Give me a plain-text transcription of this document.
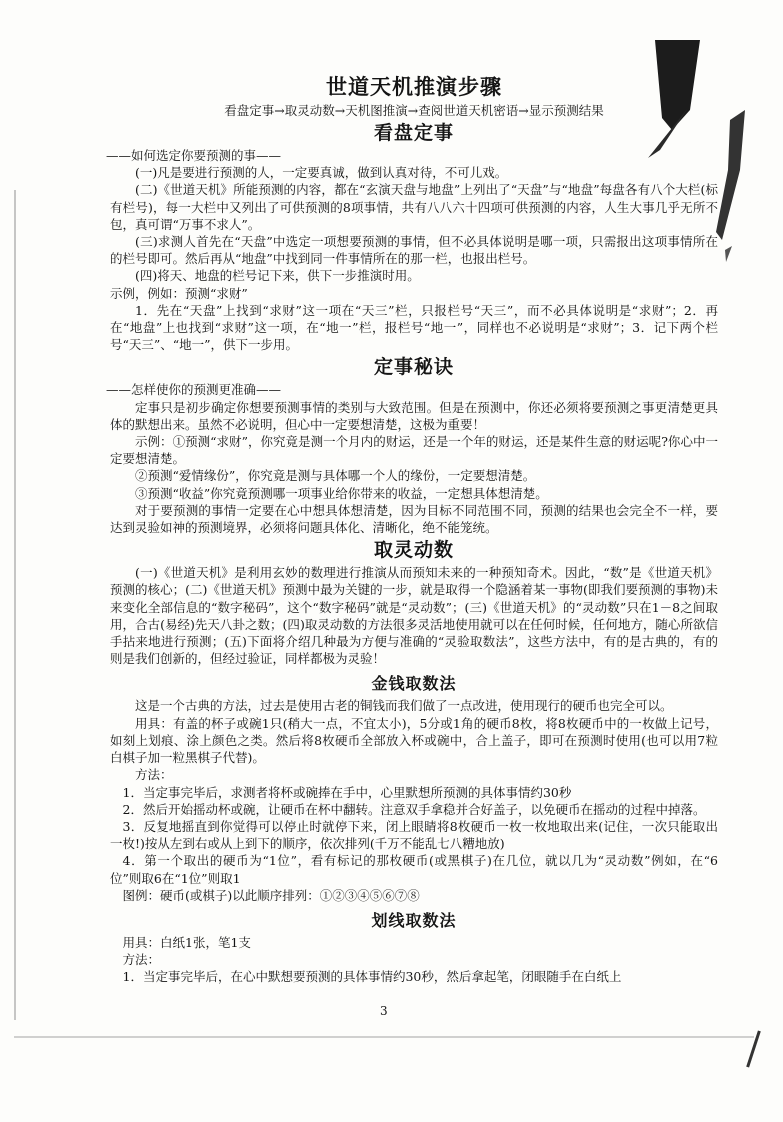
世道天机推演步骤
看盘定事→取灵动数→天机图推演→查阅世道天机密语→显示预测结果
看盘定事

——如何选定你要预测的事——

(一)凡是要进行预测的人，一定要真诚，做到认真对待，不可儿戏。

(二)《世道天机》所能预测的内容，都在“玄演天盘与地盘”上列出了“天盘”与“地盘”每盘各有八个大栏(标有栏号)，每一大栏中又列出了可供预测的8项事情，共有八八六十四项可供预测的内容，人生大事几乎无所不包，真可谓“万事不求人”。

(三)求测人首先在“天盘”中选定一项想要预测的事情，但不必具体说明是哪一项，只需报出这项事情所在的栏号即可。然后再从“地盘”中找到同一件事情所在的那一栏，也报出栏号。

(四)将天、地盘的栏号记下来，供下一步推演时用。

示例，例如：预测“求财”

1．先在“天盘”上找到“求财”这一项在“天三”栏，只报栏号“天三”，而不必具体说明是“求财”；2．再在“地盘”上也找到“求财”这一项，在“地一”栏，报栏号“地一”，同样也不必说明是“求财”；3．记下两个栏号“天三”、“地一”，供下一步用。

定事秘诀

——怎样使你的预测更准确——

定事只是初步确定你想要预测事情的类别与大致范围。但是在预测中，你还必须将要预测之事更清楚更具体的默想出来。虽然不必说明，但心中一定要想清楚，这极为重要！

示例：①预测“求财”，你究竟是测一个月内的财运，还是一个年的财运，还是某件生意的财运呢?你心中一定要想清楚。

②预测“爱情缘份”，你究竟是测与具体哪一个人的缘份，一定要想清楚。

③预测“收益”你究竟预测哪一项事业给你带来的收益，一定想具体想清楚。

对于要预测的事情一定要在心中想具体想清楚，因为目标不同范围不同，预测的结果也会完全不一样，要达到灵验如神的预测境界，必须将问题具体化、清晰化，绝不能笼统。

取灵动数

(一)《世道天机》是利用玄妙的数理进行推演从而预知未来的一种预知奇术。因此，“数”是《世道天机》预测的核心；(二)《世道天机》预测中最为关键的一步，就是取得一个隐涵着某一事物(即我们要预测的事物)未来变化全部信息的“数字秘码”，这个“数字秘码”就是“灵动数”；(三)《世道天机》的“灵动数”只在1－8之间取用，合古(易经)先天八卦之数；(四)取灵动数的方法很多灵活地使用就可以在任何时候，任何地方，随心所欲信手拈来地进行预测；(五)下面将介绍几种最为方便与准确的“灵验取数法”，这些方法中，有的是古典的，有的则是我们创新的，但经过验证，同样都极为灵验！

金钱取数法

这是一个古典的方法，过去是使用古老的铜钱而我们做了一点改进，使用现行的硬币也完全可以。

用具：有盖的杯子或碗1只(稍大一点，不宜太小)，5分或1角的硬币8枚，将8枚硬币中的一枚做上记号，如刻上划痕、涂上颜色之类。然后将8枚硬币全部放入杯或碗中，合上盖子，即可在预测时使用(也可以用7粒白棋子加一粒黑棋子代替)。

方法：

1．当定事完毕后，求测者将杯或碗捧在手中，心里默想所预测的具体事情约30秒

2．然后开始摇动杯或碗，让硬币在杯中翻转。注意双手拿稳并合好盖子，以免硬币在摇动的过程中掉落。

3．反复地摇直到你觉得可以停止时就停下来，闭上眼睛将8枚硬币一枚一枚地取出来(记住，一次只能取出一枚!)按从左到右或从上到下的顺序，依次排列(千万不能乱七八糟地放)

4．第一个取出的硬币为“1位”，看有标记的那枚硬币(或黑棋子)在几位，就以几为“灵动数”例如，在“6位”则取6在“1位”则取1

图例：硬币(或棋子)以此顺序排列：①②③④⑤⑥⑦⑧

划线取数法

用具：白纸1张，笔1支

方法：

1．当定事完毕后，在心中默想要预测的具体事情约30秒，然后拿起笔，闭眼随手在白纸上

3
